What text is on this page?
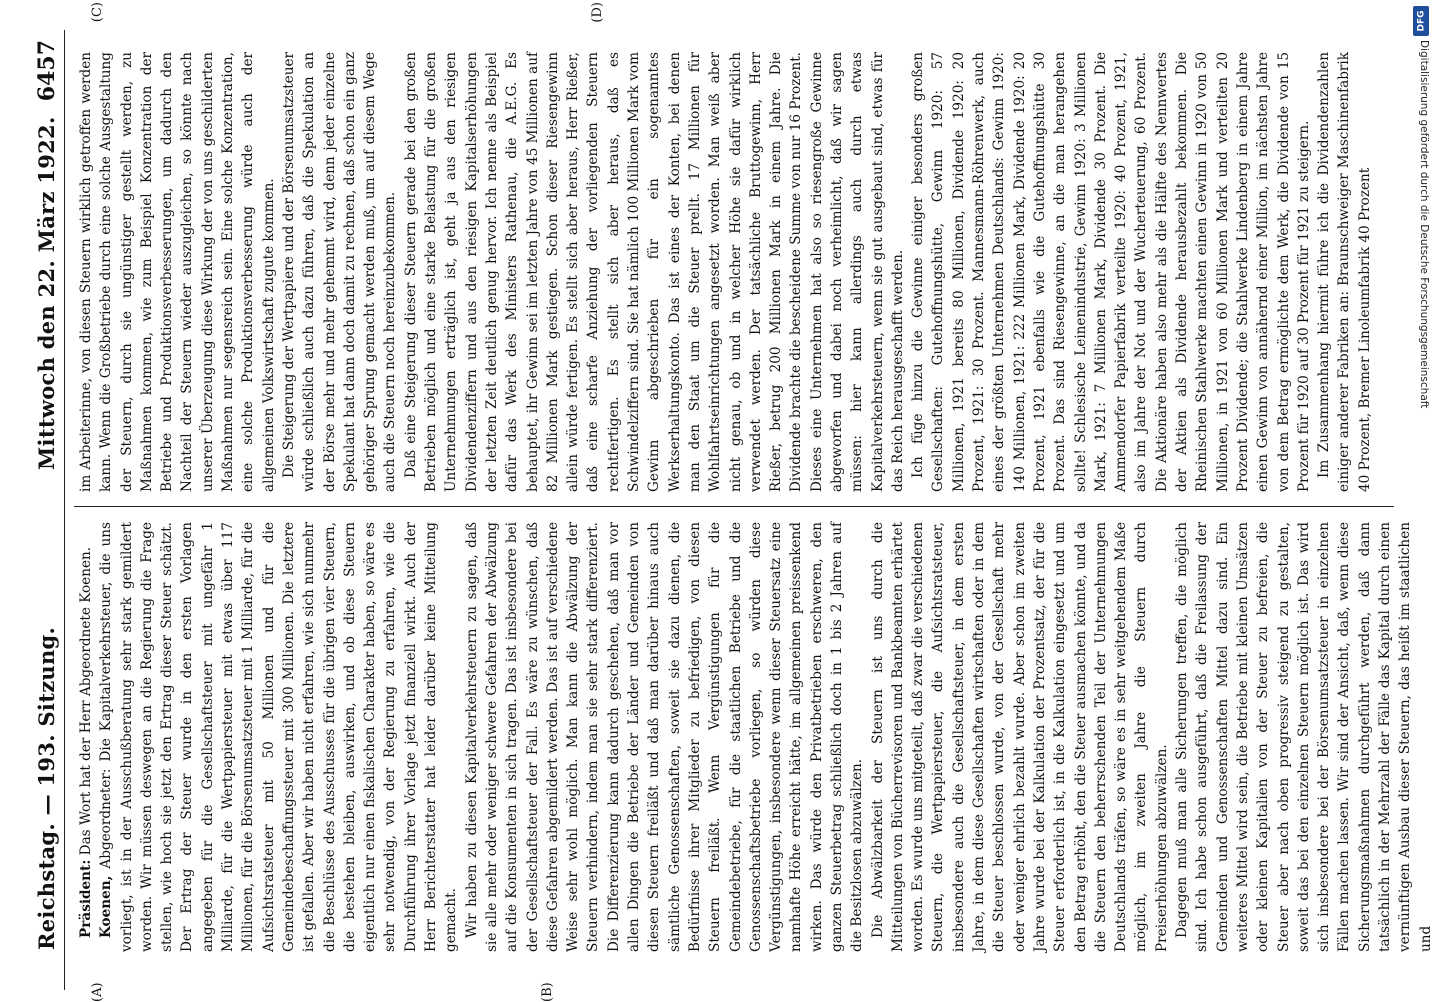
Reichstag. — 193. Sitzung.
Mittwoch den 22. März 1922.
6457
(A)	(B)
(C)	(D)

Präsident: Das Wort hat der Herr Abgeordnete Koenen.

Koenen, Abgeordneter: Die Kapitalverkehrsteuer, die uns vorliegt, ist in der Ausschußberatung sehr stark gemildert worden. Wir müssen deswegen an die Regierung die Frage stellen, wie hoch sie jetzt den Ertrag dieser Steuer schätzt. Der Ertrag der Steuer wurde in den ersten Vorlagen angegeben für die Gesellschaftsteuer mit ungefähr 1 Milliarde, für die Wertpapiersteuer mit etwas über 117 Millionen, für die Börsenumsatzsteuer mit 1 Milliarde, für die Aufsichtsratsteuer mit 50 Millionen und für die Gemeindebeschaffungssteuer mit 300 Millionen. Die letztere ist gefallen. Aber wir haben nicht erfahren, wie sich nunmehr die Beschlüsse des Ausschusses für die übrigen vier Steuern, die bestehen bleiben, auswirken, und ob diese Steuern eigentlich nur einen fiskalischen Charakter haben, so wäre es sehr notwendig, von der Regierung zu erfahren, wie die Durchführung ihrer Vorlage jetzt finanziell wirkt. Auch der Herr Berichterstatter hat leider darüber keine Mitteilung gemacht. Wir haben zu diesen Kapitalverkehrsteuern zu sagen, daß sie alle mehr oder weniger schwere Gefahren der Abwälzung auf die Konsumenten in sich tragen. Das ist insbesondere bei der Gesellschaftsteuer der Fall. Es wäre zu wünschen, daß diese Gefahren abgemildert werden. Das ist auf verschiedene Weise sehr wohl möglich. Man kann die Abwälzung der Steuern verhindern, indem man sie sehr stark differenziert. Die Differenzierung kann dadurch geschehen, daß man vor allen Dingen die Betriebe der Länder und Gemeinden von diesen Steuern freiläßt und daß man darüber hinaus auch sämtliche Genossenschaften, soweit sie dazu dienen, die Bedürfnisse ihrer Mitglieder zu befriedigen, von diesen Steuern freiläßt. Wenn Vergünstigungen für die Gemeindebetriebe, für die staatlichen Betriebe und die Genossenschaftsbetriebe vorliegen, so würden diese Vergünstigungen, insbesondere wenn dieser Steuersatz eine namhafte Höhe erreicht hätte, im allgemeinen preissenkend wirken. Das würde den Privatbetrieben erschweren, den ganzen Steuerbetrag schließlich doch in 1 bis 2 Jahren auf die Besitzlosen abzuwälzen. Die Abwälzbarkeit der Steuern ist uns durch die Mitteilungen von Bücherrevisoren und Bankbeamten erhärtet worden. Es wurde uns mitgeteilt, daß zwar die verschiedenen Steuern, die Wertpapiersteuer, die Aufsichtsratsteuer, insbesondere auch die Gesellschaftsteuer, in dem ersten Jahre, in dem diese Gesellschaften wirtschaften oder in dem die Steuer beschlossen wurde, von der Gesellschaft mehr oder weniger ehrlich bezahlt wurde. Aber schon im zweiten Jahre wurde bei der Kalkulation der Prozentsatz, der für die Steuer erforderlich ist, in die Kalkulation eingesetzt und um den Betrag erhöht, den die Steuer ausmachen könnte, und da die Steuern den beherrschenden Teil der Unternehmungen Deutschlands träfen, so wäre es in sehr weitgehendem Maße möglich, im zweiten Jahre die Steuern durch Preiserhöhungen abzuwälzen. Dagegen muß man alle Sicherungen treffen, die möglich sind. Ich habe schon ausgeführt, daß die Freilassung der Gemeinden und Genossenschaften Mittel dazu sind. Ein weiteres Mittel wird sein, die Betriebe mit kleinen Umsätzen oder kleinen Kapitalien von der Steuer zu befreien, die Steuer aber nach oben progressiv steigend zu gestalten, soweit das bei den einzelnen Steuern möglich ist. Das wird sich insbesondere bei der Börsenumsatzsteuer in einzelnen Fällen machen lassen. Wir sind der Ansicht, daß, wenn diese Sicherungsmaßnahmen durchgeführt werden, daß dann tatsächlich in der Mehrzahl der Fälle das Kapital durch einen vernünftigen Ausbau dieser Steuern, das heißt im staatlichen und

im Arbeiterinne, von diesen Steuern wirklich getroffen werden kann. Wenn die Großbetriebe durch eine solche Ausgestaltung der Steuern, durch sie ungünstiger gestellt werden, zu Maßnahmen kommen, wie zum Beispiel Konzentration der Betriebe und Produktionsverbesserungen, um dadurch den Nachteil der Steuern wieder auszugleichen, so könnte nach unserer Überzeugung diese Wirkung der von uns geschilderten Maßnahmen nur segensreich sein. Eine solche Konzentration, eine solche Produktionsverbesserung würde auch der allgemeinen Volkswirtschaft zugute kommen. Die Steigerung der Wertpapiere und der Börsenumsatzsteuer würde schließlich auch dazu führen, daß die Spekulation an der Börse mehr und mehr gehemmt wird, denn jeder einzelne Spekulant hat dann doch damit zu rechnen, daß schon ein ganz gehöriger Sprung gemacht werden muß, um auf diesem Wege auch die Steuern noch hereinzubekommen. Daß eine Steigerung dieser Steuern gerade bei den großen Betrieben möglich und eine starke Belastung für die großen Unternehmungen erträglich ist, geht ja aus den riesigen Dividendenziffern und aus den riesigen Kapitalserhöhungen der letzten Zeit deutlich genug hervor. Ich nenne als Beispiel dafür das Werk des Ministers Rathenau, die A.E.G. Es behauptet, ihr Gewinn sei im letzten Jahre von 45 Millionen auf 82 Millionen Mark gestiegen. Schon dieser Riesengewinn allein würde fertigen. Es stellt sich aber heraus, Herr Rießer, daß eine scharfe Anziehung der vorliegenden Steuern rechtfertigen. Es stellt sich aber heraus, daß es Schwindelziffern sind. Sie hat nämlich 100 Millionen Mark vom Gewinn abgeschrieben für ein sogenanntes Werkserhaltungskonto. Das ist eines der Konten, bei denen man den Staat um die Steuer prellt. 17 Millionen für Wohlfahrtseinrichtungen angesetzt worden. Man weiß aber nicht genau, ob und in welcher Höhe sie dafür wirklich verwendet werden. Der tatsächliche Bruttogewinn, Herr Rießer, betrug 200 Millionen Mark in einem Jahre. Die Dividende brachte die bescheidene Summe von nur 16 Prozent. Dieses eine Unternehmen hat also so riesengroße Gewinne abgeworfen und dabei noch verheimlicht, daß wir sagen müssen: hier kann allerdings auch durch etwas Kapitalverkehrsteuern, wenn sie gut ausgebaut sind, etwas für das Reich herausgeschafft werden. Ich füge hinzu die Gewinne einiger besonders großen Gesellschaften: Gutehoffnungshütte, Gewinn 1920: 57 Millionen, 1921 bereits 80 Millionen, Dividende 1920: 20 Prozent, 1921: 30 Prozent. Mannesmann-Röhrenwerk, auch eines der größten Unternehmen Deutschlands: Gewinn 1920: 140 Millionen, 1921: 222 Millionen Mark, Dividende 1920: 20 Prozent, 1921 ebenfalls wie die Gutehoffnungshütte 30 Prozent. Das sind Riesengewinne, an die man herangehen sollte! Schlesische Leinenindustrie, Gewinn 1920: 3 Millionen Mark, 1921: 7 Millionen Mark, Dividende 30 Prozent. Die Ammendorfer Papierfabrik verteilte 1920: 40 Prozent, 1921, also im Jahre der Not und der Wucherteuerung, 60 Prozent. Die Aktionäre haben also mehr als die Hälfte des Nennwertes der Aktien als Dividende herausbezahlt bekommen. Die Rheinischen Stahlwerke machten einen Gewinn in 1920 von 50 Millionen, in 1921 von 60 Millionen Mark und verteilten 20 Prozent Dividende; die Stahlwerke Lindenberg in einem Jahre einen Gewinn von annähernd einer Million, im nächsten Jahre von dem Betrag ermöglichte dem Werk, die Dividende von 15 Prozent für 1920 auf 30 Prozent für 1921 zu steigern. Im Zusammenhang hiermit führe ich die Dividendenzahlen einiger anderer Fabriken an: Braunschweiger Maschinenfabrik 40 Prozent, Bremer Linoleumfabrik 40 Prozent

DFG
Digitalisierung gefördert durch die Deutsche Forschungsgemeinschaft
